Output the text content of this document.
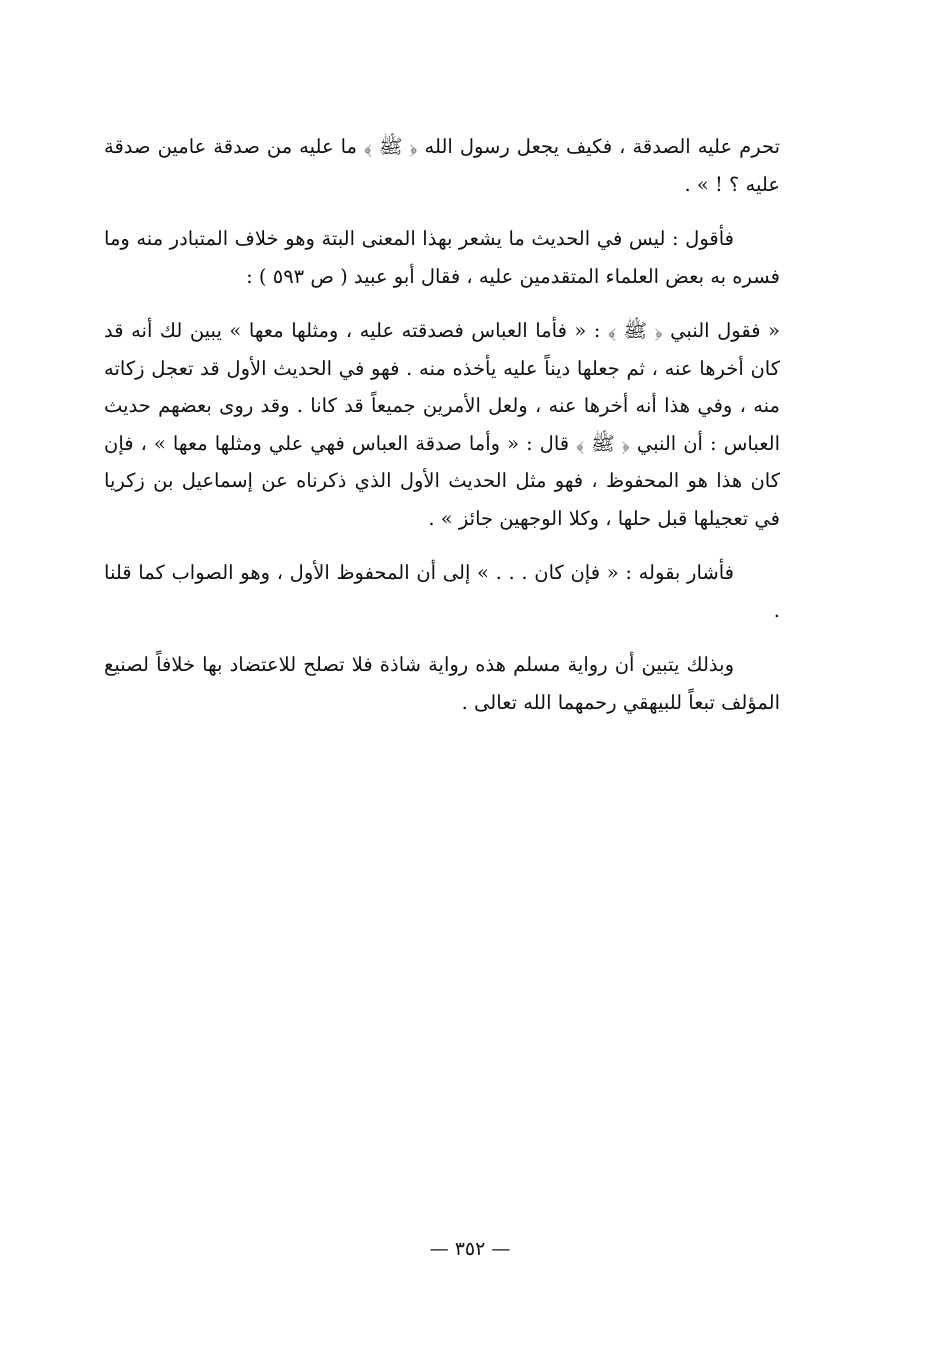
تحرم عليه الصدقة ، فكيف يجعل رسول الله ﴿ ﷺ ﴾ ما عليه من صدقة عامين صدقة عليه ؟ ! » .

فأقول : ليس في الحديث ما يشعر بهذا المعنى البتة وهو خلاف المتبادر منه وما فسره به بعض العلماء المتقدمين عليه ، فقال أبو عبيد ( ص ٥٩٣ ) :

« فقول النبي ﴿ ﷺ ﴾ : « فأما العباس فصدقته عليه ، ومثلها معها » يبين لك أنه قد كان أخرها عنه ، ثم جعلها ديناً عليه يأخذه منه . فهو في الحديث الأول قد تعجل زكاته منه ، وفي هذا أنه أخرها عنه ، ولعل الأمرين جميعاً قد كانا . وقد روى بعضهم حديث العباس : أن النبي ﴿ ﷺ ﴾ قال : « وأما صدقة العباس فهي علي ومثلها معها » ، فإن كان هذا هو المحفوظ ، فهو مثل الحديث الأول الذي ذكرناه عن إسماعيل بن زكريا في تعجيلها قبل حلها ، وكلا الوجهين جائز » .

فأشار بقوله : « فإن كان . . . » إلى أن المحفوظ الأول ، وهو الصواب كما قلنا .

وبذلك يتبين أن رواية مسلم هذه رواية شاذة فلا تصلح للاعتضاد بها خلافاً لصنيع المؤلف تبعاً للبيهقي رحمهما الله تعالى .

— ٣٥٢ —
